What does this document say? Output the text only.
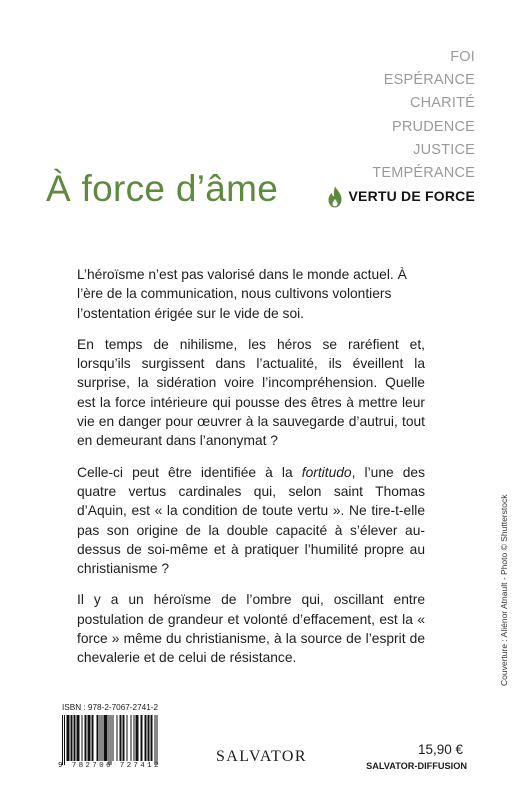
FOI
ESPÉRANCE
CHARITÉ
PRUDENCE
JUSTICE
TEMPÉRANCE
VERTU DE FORCE
À force d’âme

L’héroïsme n’est pas valorisé dans le monde actuel. À l’ère de la communication, nous cultivons volontiers l’ostentation érigée sur le vide de soi.

En temps de nihilisme, les héros se raréfient et, lorsqu’ils surgissent dans l’actualité, ils éveillent la surprise, la sidération voire l’incompréhension. Quelle est la force intérieure qui pousse des êtres à mettre leur vie en danger pour œuvrer à la sauvegarde d’autrui, tout en demeurant dans l’anonymat ?

Celle-ci peut être identifiée à la fortitudo, l’une des quatre vertus cardinales qui, selon saint Thomas d’Aquin, est « la condition de toute vertu ». Ne tire-t-elle pas son origine de la double capacité à s’élever au-dessus de soi-même et à pratiquer l’humilité propre au christianisme ?

Il y a un héroïsme de l’ombre qui, oscillant entre postulation de grandeur et volonté d’effacement, est la « force » même du christianisme, à la source de l’esprit de chevalerie et de celui de résistance.	Couverture : Aliénor Atnault - Photo © Shutterstock
ISBN : 978-2-7067-2741-2
9 782706 727412
SALVATOR	15,90 €
SALVATOR-DIFFUSION
